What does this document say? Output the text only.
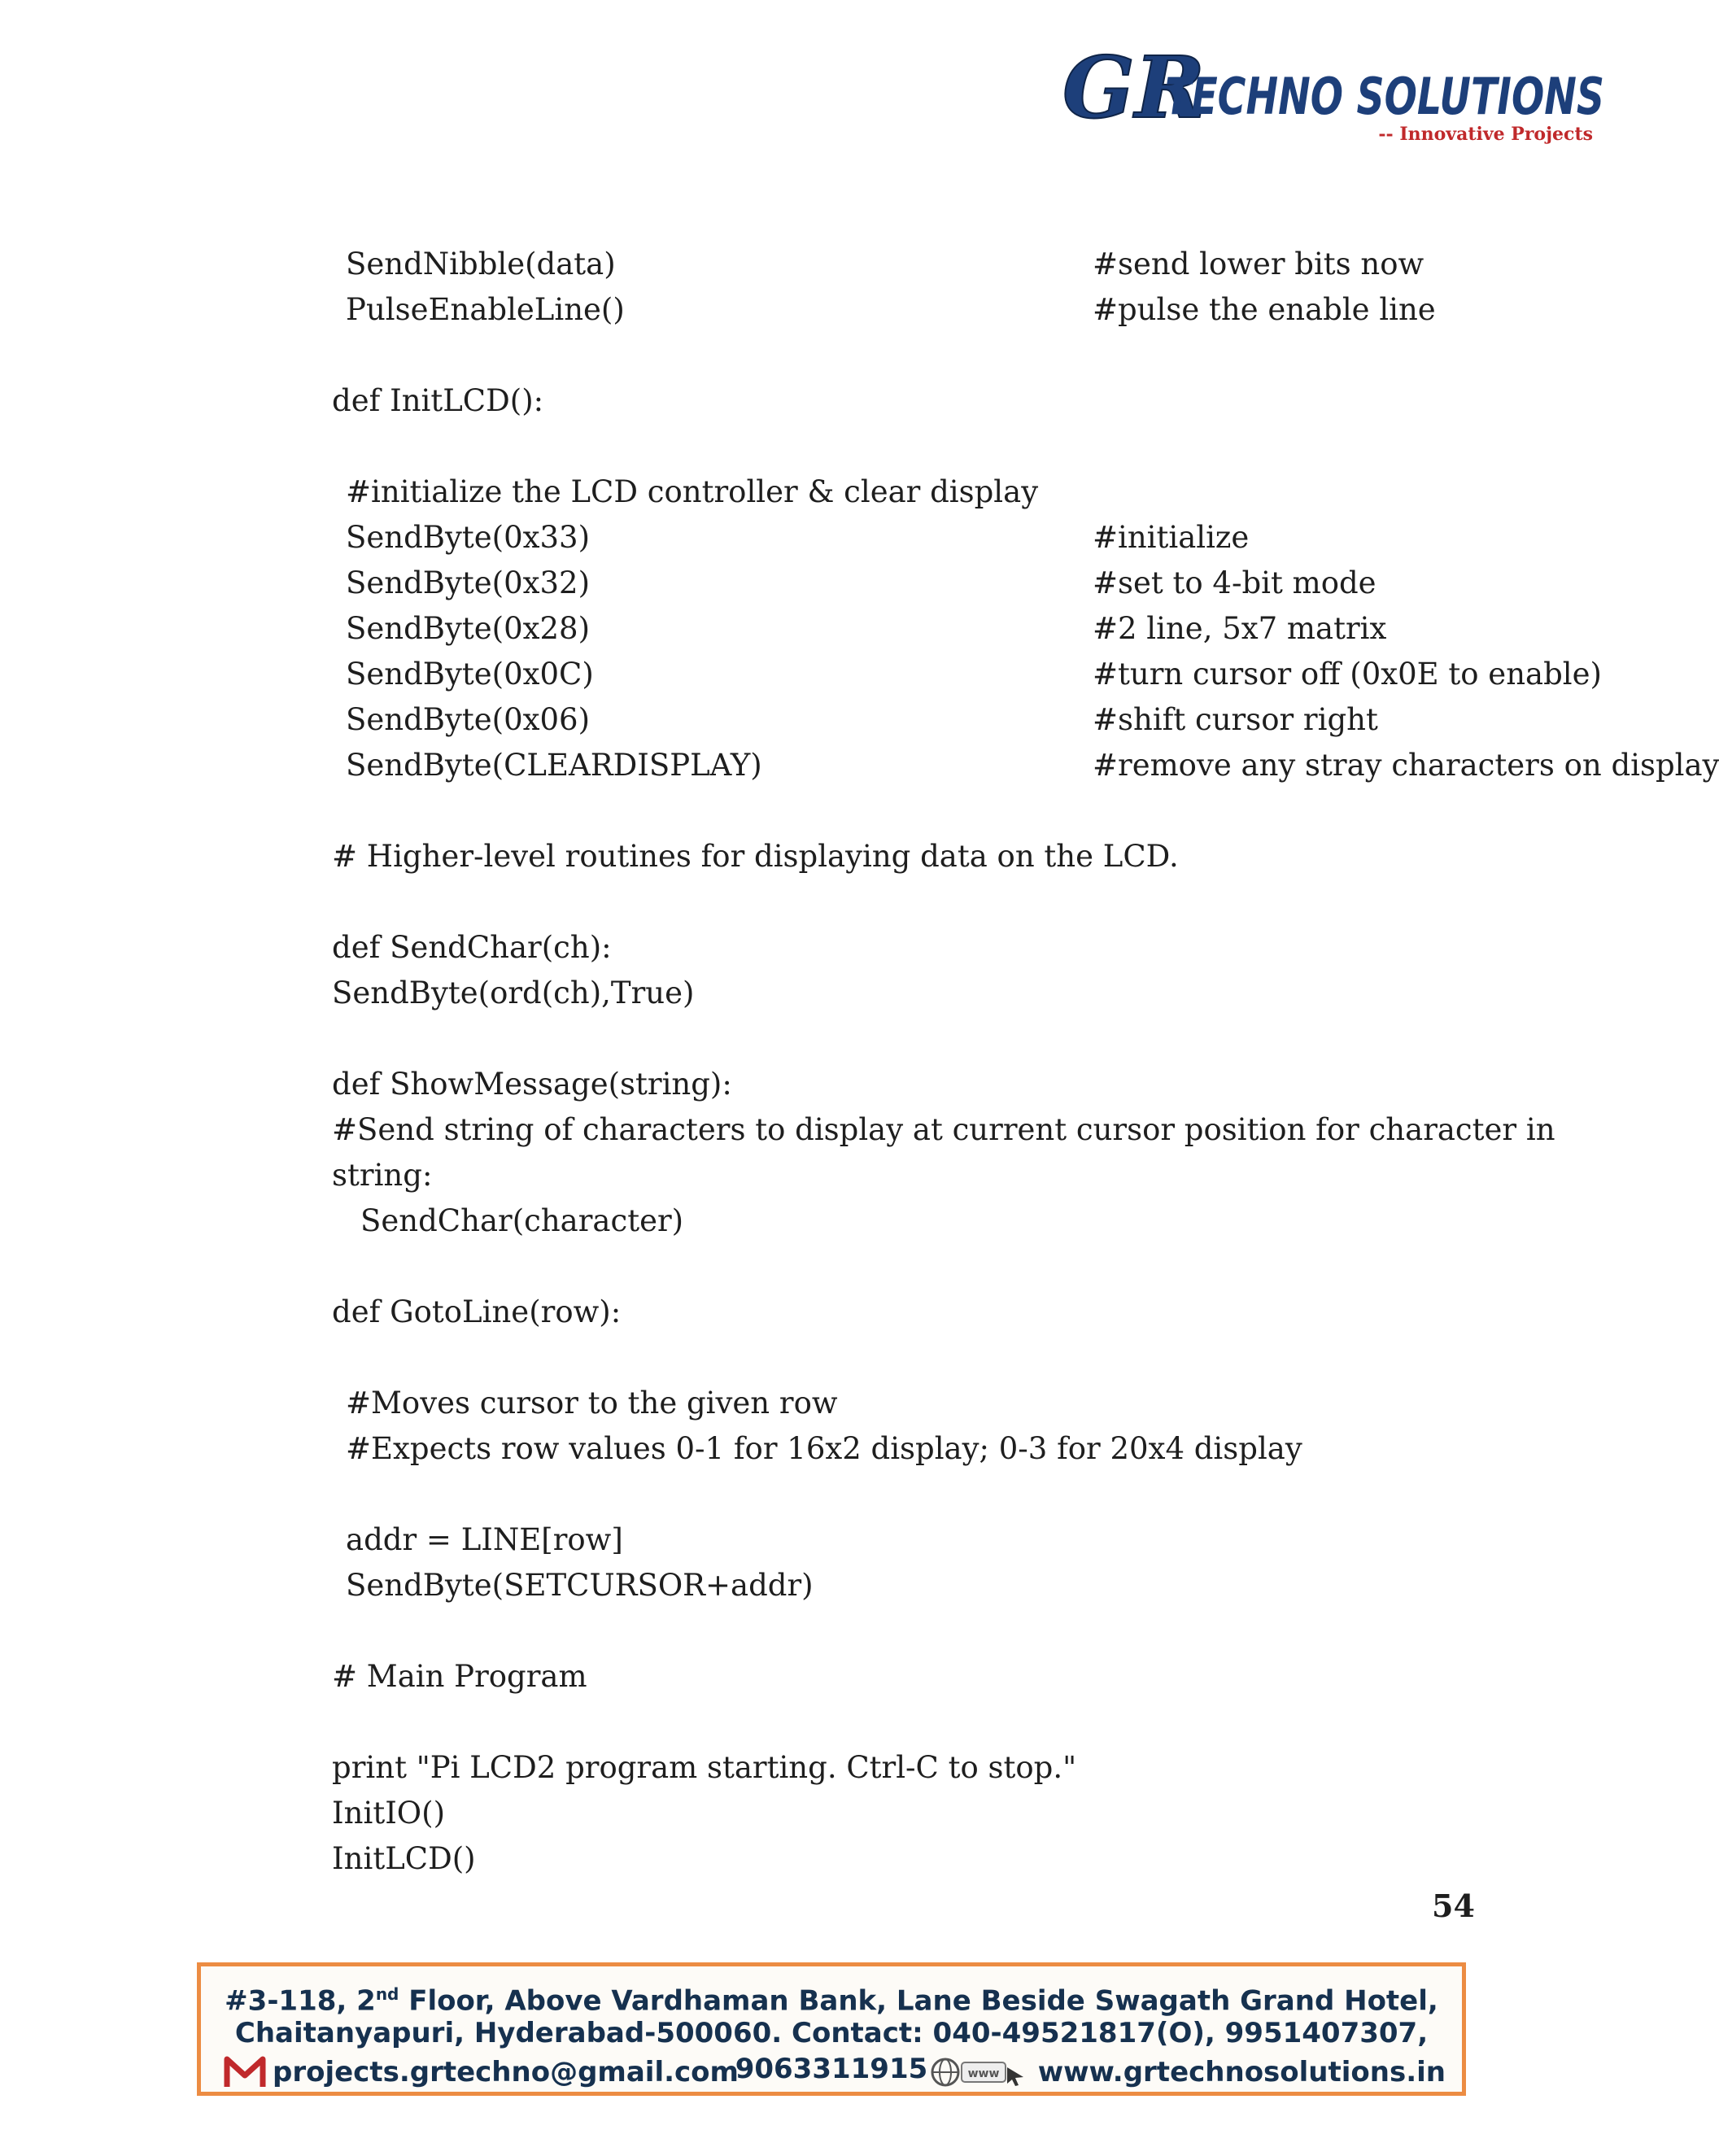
GR
TECHNO SOLUTIONS
-- Innovative Projects

SendNibble(data)	#send lower bits now

PulseEnableLine()	#pulse the enable line

def InitLCD():

#initialize the LCD controller & clear display

SendByte(0x33)	#initialize

SendByte(0x32)	#set to 4-bit mode

SendByte(0x28)	#2 line, 5x7 matrix

SendByte(0x0C)	#turn cursor off (0x0E to enable)

SendByte(0x06)	#shift cursor right

SendByte(CLEARDISPLAY)	#remove any stray characters on display

# Higher-level routines for displaying data on the LCD.

def SendChar(ch):

SendByte(ord(ch),True)

def ShowMessage(string):

#Send string of characters to display at current cursor position for character in

string:

SendChar(character)

def GotoLine(row):

#Moves cursor to the given row

#Expects row values 0-1 for 16x2 display; 0-3 for 20x4 display

addr = LINE[row]

SendByte(SETCURSOR+addr)

# Main Program

print "Pi LCD2 program starting. Ctrl-C to stop."

InitIO()

InitLCD()

54
#3-118, 2nd Floor, Above Vardhaman Bank, Lane Beside Swagath Grand Hotel,
Chaitanyapuri, Hyderabad-500060. Contact: 040-49521817(O), 9951407307, 9063311915
projects.grtechno@gmail.com	www www.grtechnosolutions.in
